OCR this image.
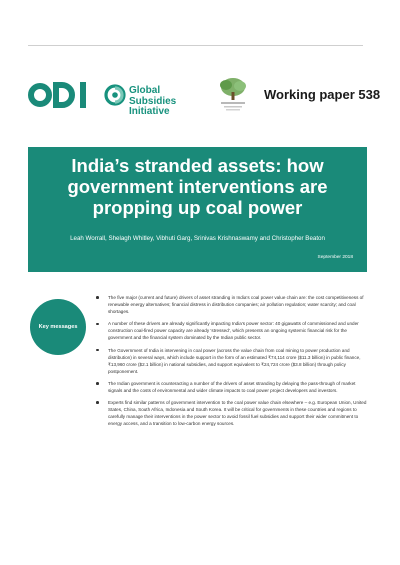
Global Subsidies Initiative
Working paper 538
India’s stranded assets: how government interventions are propping up coal power
Leah Worrall, Shelagh Whitley, Vibhuti Garg, Srinivas Krishnaswamy and Christopher Beaton
September 2018
Key messages
The five major (current and future) drivers of asset stranding in India’s coal power value chain are: the cost competitiveness of renewable energy alternatives; financial distress in distribution companies; air pollution regulation; water scarcity; and coal shortages.
A number of these drivers are already significantly impacting India’s power sector: 40 gigawatts of commissioned and under construction coal-fired power capacity are already ‘stressed’, which presents an ongoing systemic financial risk for the government and the financial system dominated by the Indian public sector.
The Government of India is intervening in coal power (across the value chain from coal mining to power production and distribution) in several ways, which include support in the form of an estimated ₹74,114 crore ($11.3 billion) in public finance, ₹13,960 crore ($2.1 billion) in national subsidies, and support equivalent to ₹24,724 crore ($3.8 billion) through policy postponement.
The Indian government is counteracting a number of the drivers of asset stranding by delaying the pass-through of market signals and the costs of environmental and wider climate impacts to coal power project developers and investors.
Experts find similar patterns of government intervention to the coal power value chain elsewhere – e.g. European Union, United States, China, South Africa, Indonesia and South Korea. It will be critical for governments in these countries and regions to carefully manage their interventions in the power sector to avoid fossil fuel subsidies and support their wider commitment to energy access, and a transition to low-carbon energy sources.
